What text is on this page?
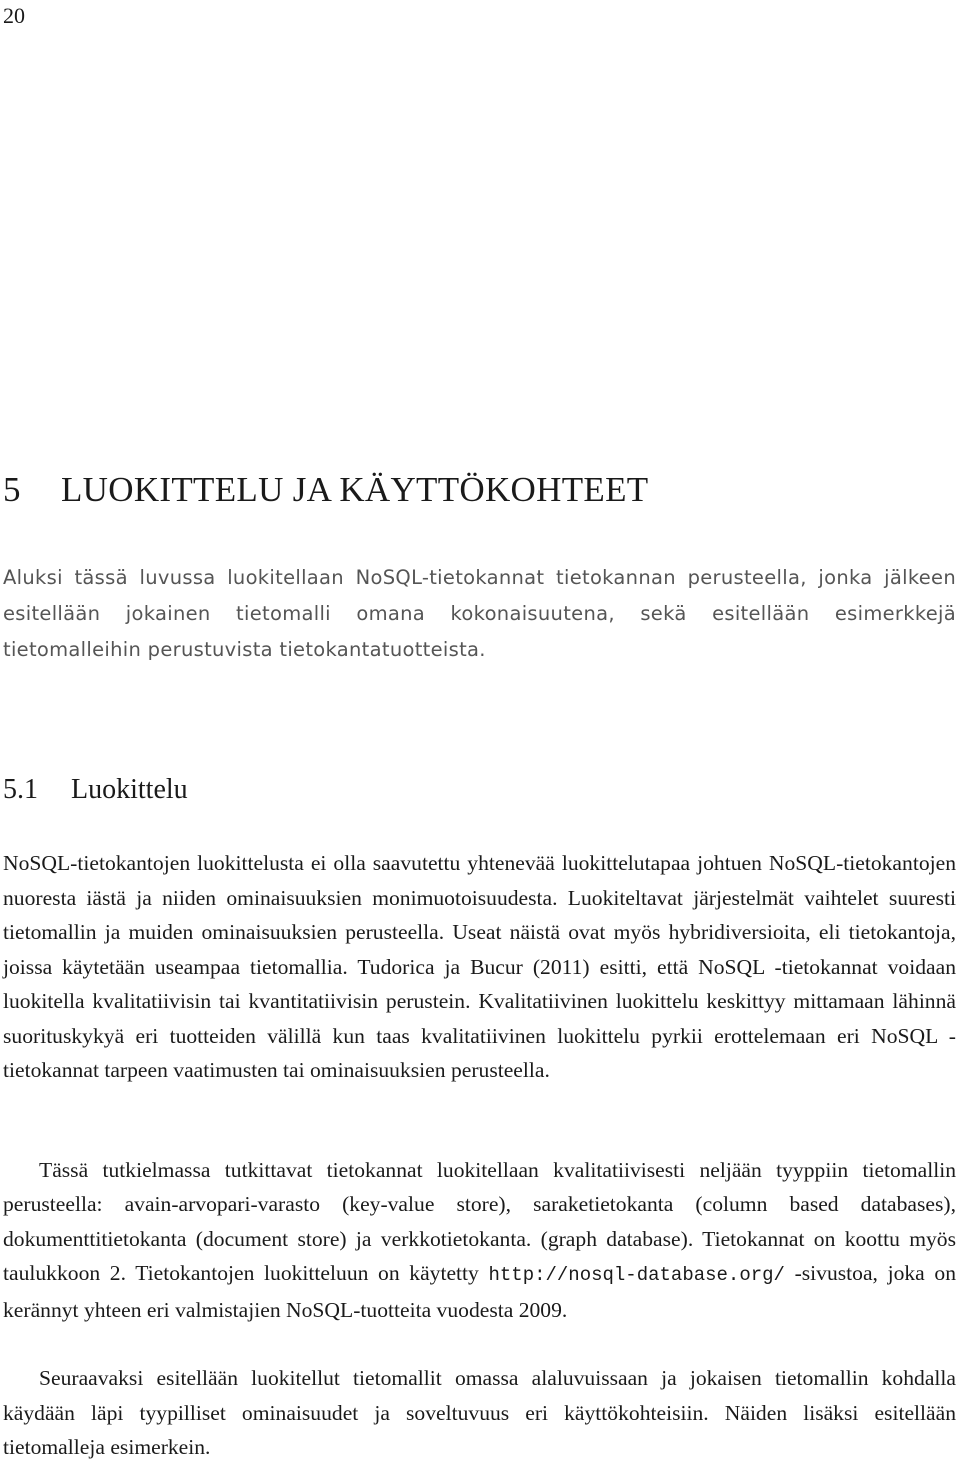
20
5 LUOKITTELU JA KÄYTTÖKOHTEET

Aluksi tässä luvussa luokitellaan NoSQL-tietokannat tietokannan perusteella, jonka jälkeen esitellään jokainen tietomalli omana kokonaisuutena, sekä esitellään esimerkkejä tietomalleihin perustuvista tietokantatuotteista.

5.1 Luokittelu

NoSQL-tietokantojen luokittelusta ei olla saavutettu yhtenevää luokittelutapaa johtuen NoSQL-tietokantojen nuoresta iästä ja niiden ominaisuuksien monimuotoisuudesta. Luokiteltavat järjestelmät vaihtelet suuresti tietomallin ja muiden ominaisuuksien perusteella. Useat näistä ovat myös hybridiversioita, eli tietokantoja, joissa käytetään useampaa tietomallia. Tudorica ja Bucur (2011) esitti, että NoSQL -tietokannat voidaan luokitella kvalitatiivisin tai kvantitatiivisin perustein. Kvalitatiivinen luokittelu keskittyy mittamaan lähinnä suorituskykyä eri tuotteiden välillä kun taas kvalitatiivinen luokittelu pyrkii erottelemaan eri NoSQL -tietokannat tarpeen vaatimusten tai ominaisuuksien perusteella.

Tässä tutkielmassa tutkittavat tietokannat luokitellaan kvalitatiivisesti neljään tyyppiin tietomallin perusteella: avain-arvopari-varasto (key-value store), saraketietokanta (column based databases), dokumenttitietokanta (document store) ja verkkotietokanta. (graph database). Tietokannat on koottu myös taulukkoon 2. Tietokantojen luokitteluun on käytetty http://nosql-database.org/ -sivustoa, joka on kerännyt yhteen eri valmistajien NoSQL-tuotteita vuodesta 2009.

Seuraavaksi esitellään luokitellut tietomallit omassa alaluvuissaan ja jokaisen tietomallin kohdalla käydään läpi tyypilliset ominaisuudet ja soveltuvuus eri käyttökohteisiin. Näiden lisäksi esitellään tietomalleja esimerkein.
